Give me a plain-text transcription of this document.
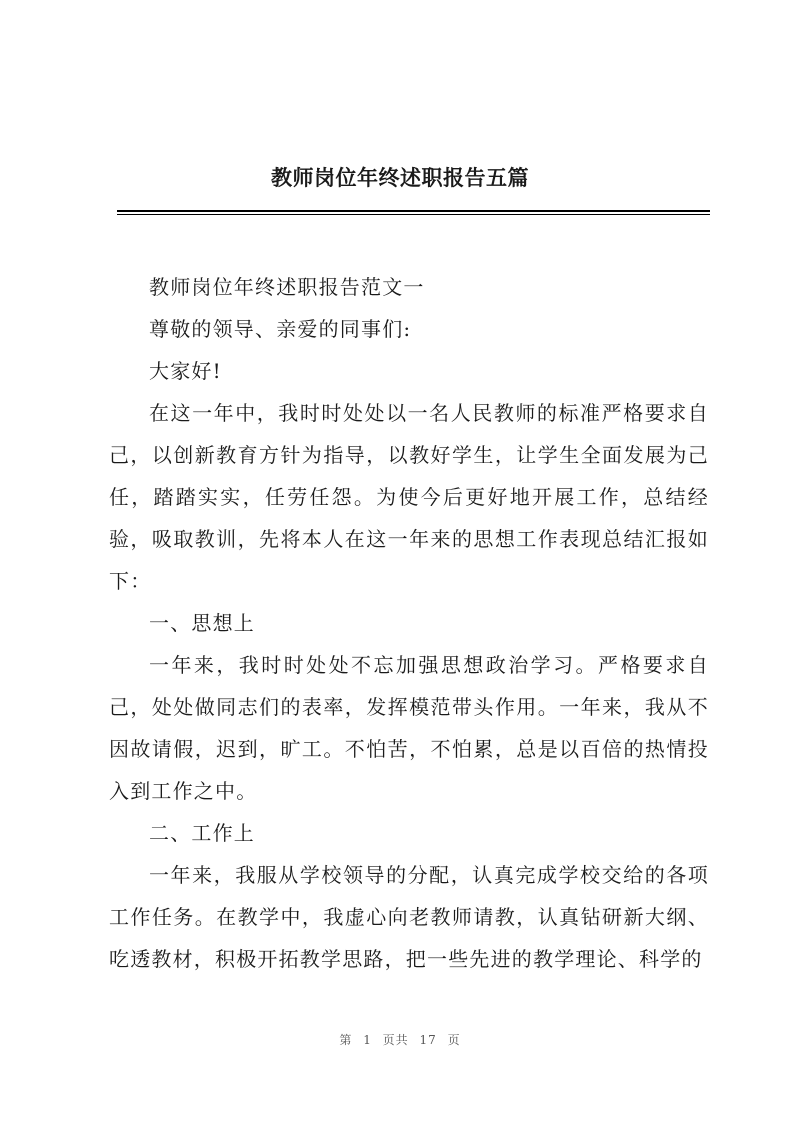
教师岗位年终述职报告五篇

教师岗位年终述职报告范文一

尊敬的领导、亲爱的同事们:

大家好!

在这一年中，我时时处处以一名人民教师的标准严格要求自己，以创新教育方针为指导，以教好学生，让学生全面发展为己任，踏踏实实，任劳任怨。为使今后更好地开展工作，总结经验，吸取教训，先将本人在这一年来的思想工作表现总结汇报如下：

一、思想上

一年来，我时时处处不忘加强思想政治学习。严格要求自己，处处做同志们的表率，发挥模范带头作用。一年来，我从不因故请假，迟到，旷工。不怕苦，不怕累，总是以百倍的热情投入到工作之中。

二、工作上

一年来，我服从学校领导的分配，认真完成学校交给的各项工作任务。在教学中，我虚心向老教师请教，认真钻研新大纲、吃透教材，积极开拓教学思路，把一些先进的教学理论、科学的

第 1 页共 17 页
